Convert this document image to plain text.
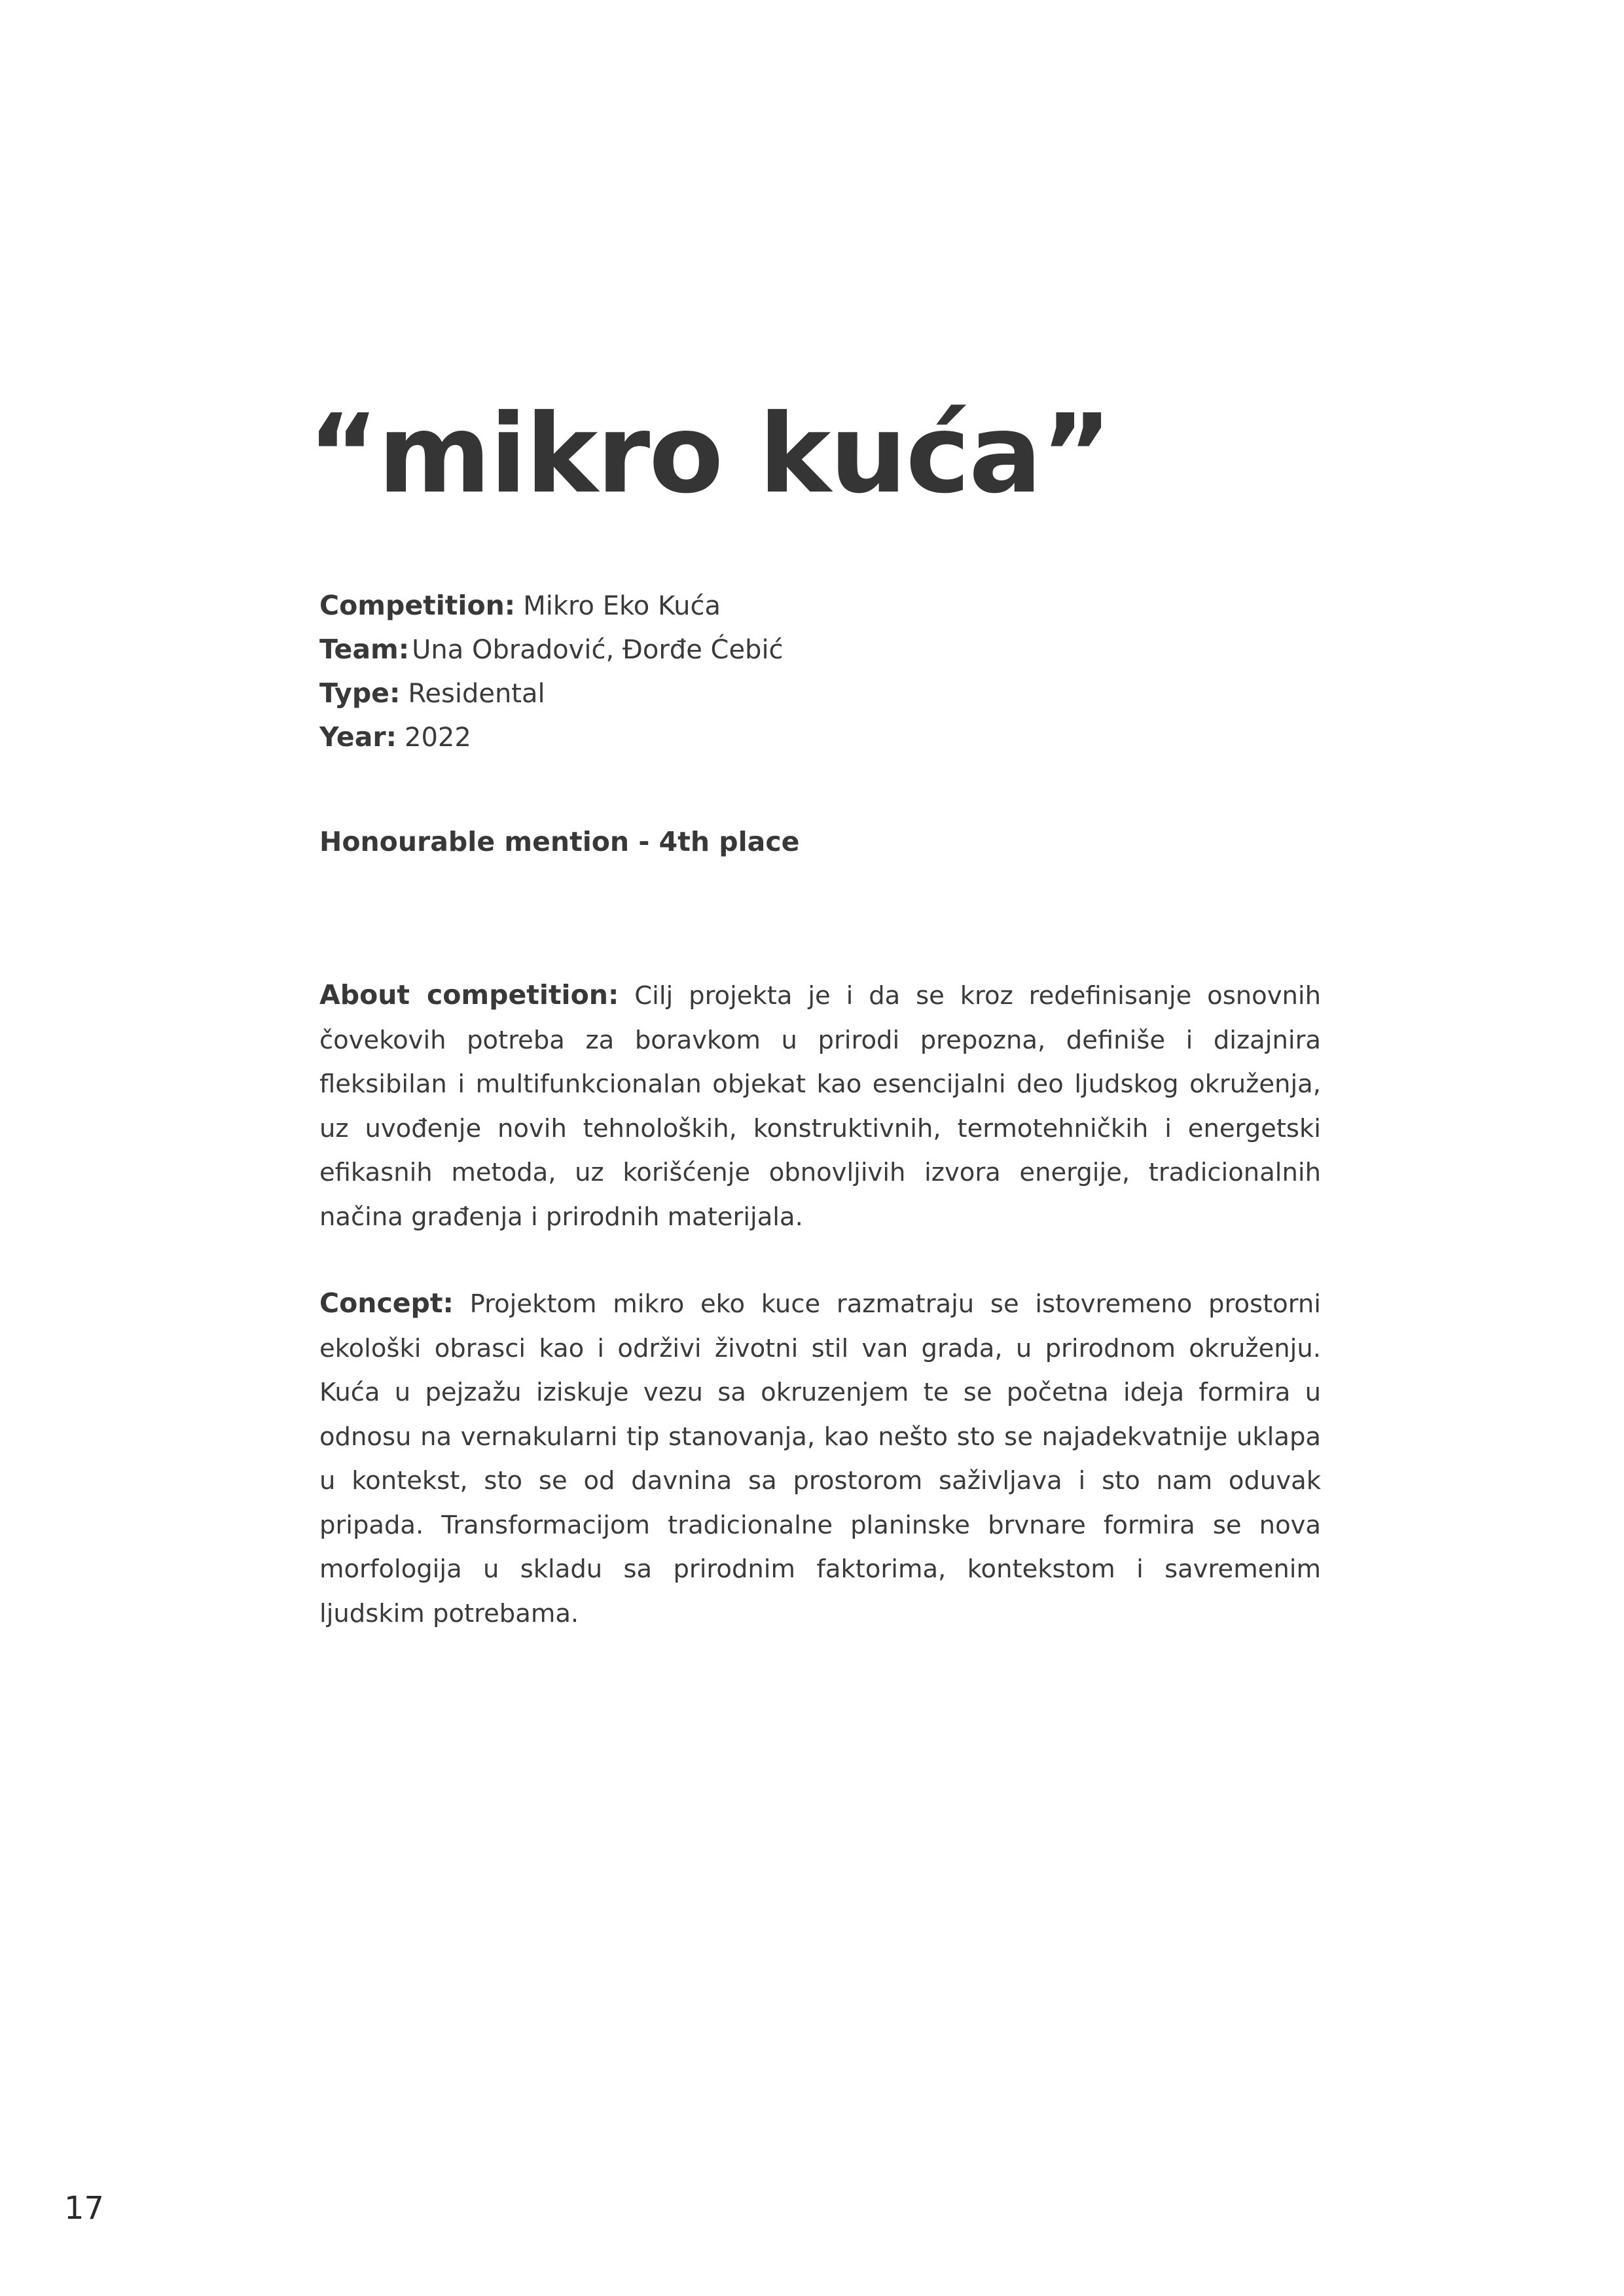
“mikro kuća”
Competition: Mikro Eko Kuća
Team: Una Obradović, Đorđe Ćebić
Type: Residental
Year: 2022
Honourable mention - 4th place

About competition: Cilj projekta je i da se kroz redefinisanje osnovnih čovekovih potreba za boravkom u prirodi prepozna, definiše i dizajnira fleksibilan i multifunkcionalan objekat kao esencijalni deo ljudskog okruženja, uz uvođenje novih tehnoloških, konstruktivnih, termotehničkih i energetski efikasnih metoda, uz korišćenje obnovljivih izvora energije, tradicionalnih načina građenja i prirodnih materijala.

Concept: Projektom mikro eko kuce razmatraju se istovremeno prostorni ekološki obrasci kao i održivi životni stil van grada, u prirodnom okruženju. Kuća u pejzažu iziskuje vezu sa okruzenjem te se početna ideja formira u odnosu na vernakularni tip stanovanja, kao nešto sto se najadekvatnije uklapa u kontekst, sto se od davnina sa prostorom saživljava i sto nam oduvak pripada. Transformacijom tradicionalne planinske brvnare formira se nova morfologija u skladu sa prirodnim faktorima, kontekstom i savremenim ljudskim potrebama.

17
